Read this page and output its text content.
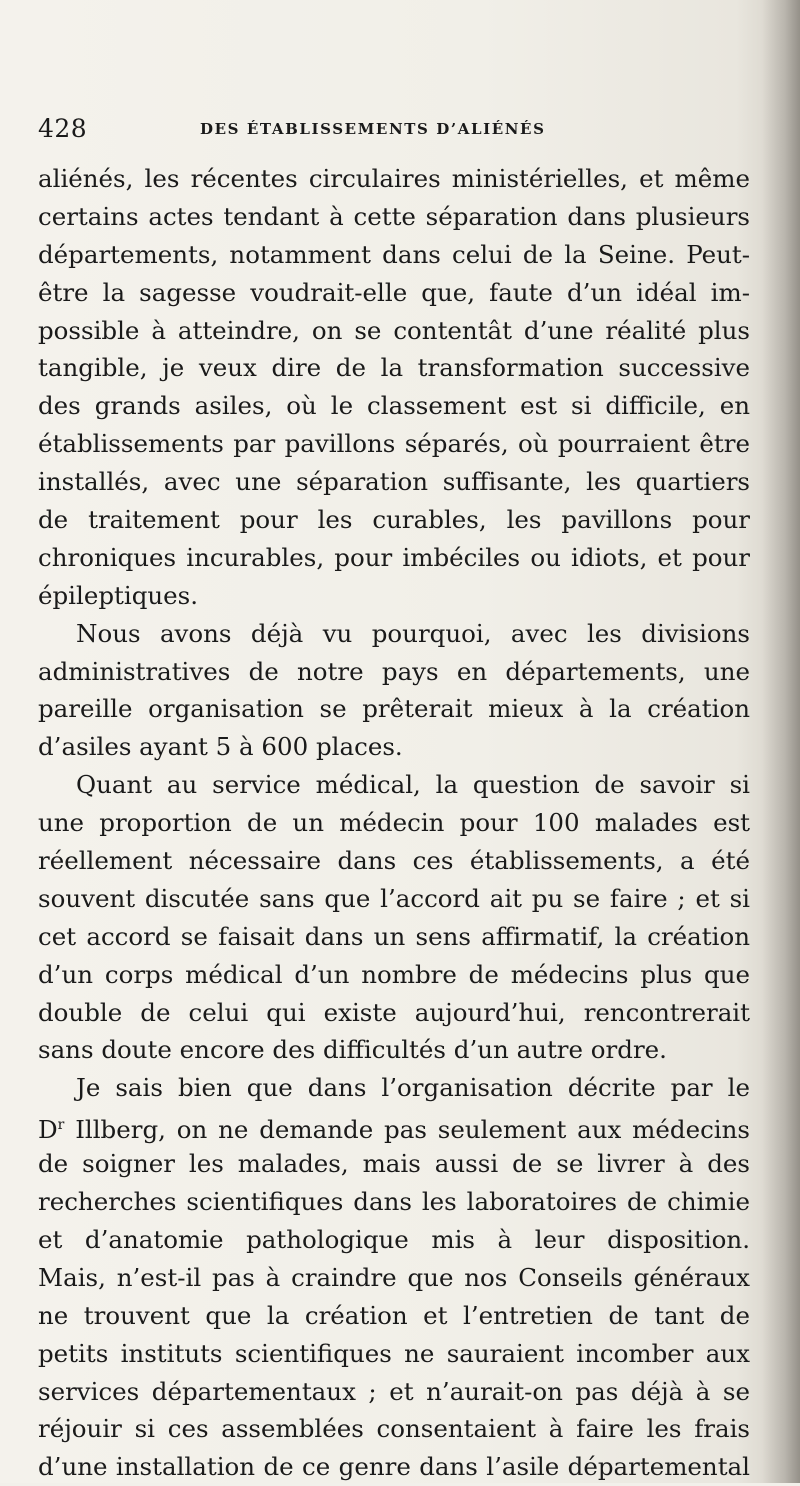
428	DES ÉTABLISSEMENTS D’ALIÉNÉS
aliénés, les récentes circulaires ministérielles, et même
certains actes tendant à cette séparation dans plusieurs
départements, notamment dans celui de la Seine. Peut-
être la sagesse voudrait-elle que, faute d’un idéal im-
possible à atteindre, on se contentât d’une réalité plus
tangible, je veux dire de la transformation successive
des grands asiles, où le classement est si difficile, en
établissements par pavillons séparés, où pourraient être
installés, avec une séparation suffisante, les quartiers
de traitement pour les curables, les pavillons pour
chroniques incurables, pour imbéciles ou idiots, et pour
épileptiques.
Nous avons déjà vu pourquoi, avec les divisions
administratives de notre pays en départements, une
pareille organisation se prêterait mieux à la création
d’asiles ayant 5 à 600 places.
Quant au service médical, la question de savoir si
une proportion de un médecin pour 100 malades est
réellement nécessaire dans ces établissements, a été
souvent discutée sans que l’accord ait pu se faire ; et si
cet accord se faisait dans un sens affirmatif, la création
d’un corps médical d’un nombre de médecins plus que
double de celui qui existe aujourd’hui, rencontrerait
sans doute encore des difficultés d’un autre ordre.
Je sais bien que dans l’organisation décrite par le
$D^r$ Illberg, on ne demande pas seulement aux médecins
de soigner les malades, mais aussi de se livrer à des
recherches scientifiques dans les laboratoires de chimie
et d’anatomie pathologique mis à leur disposition.
Mais, n’est-il pas à craindre que nos Conseils généraux
ne trouvent que la création et l’entretien de tant de
petits instituts scientifiques ne sauraient incomber aux
services départementaux ; et n’aurait-on pas déjà à se
réjouir si ces assemblées consentaient à faire les frais
d’une installation de ce genre dans l’asile départemental
